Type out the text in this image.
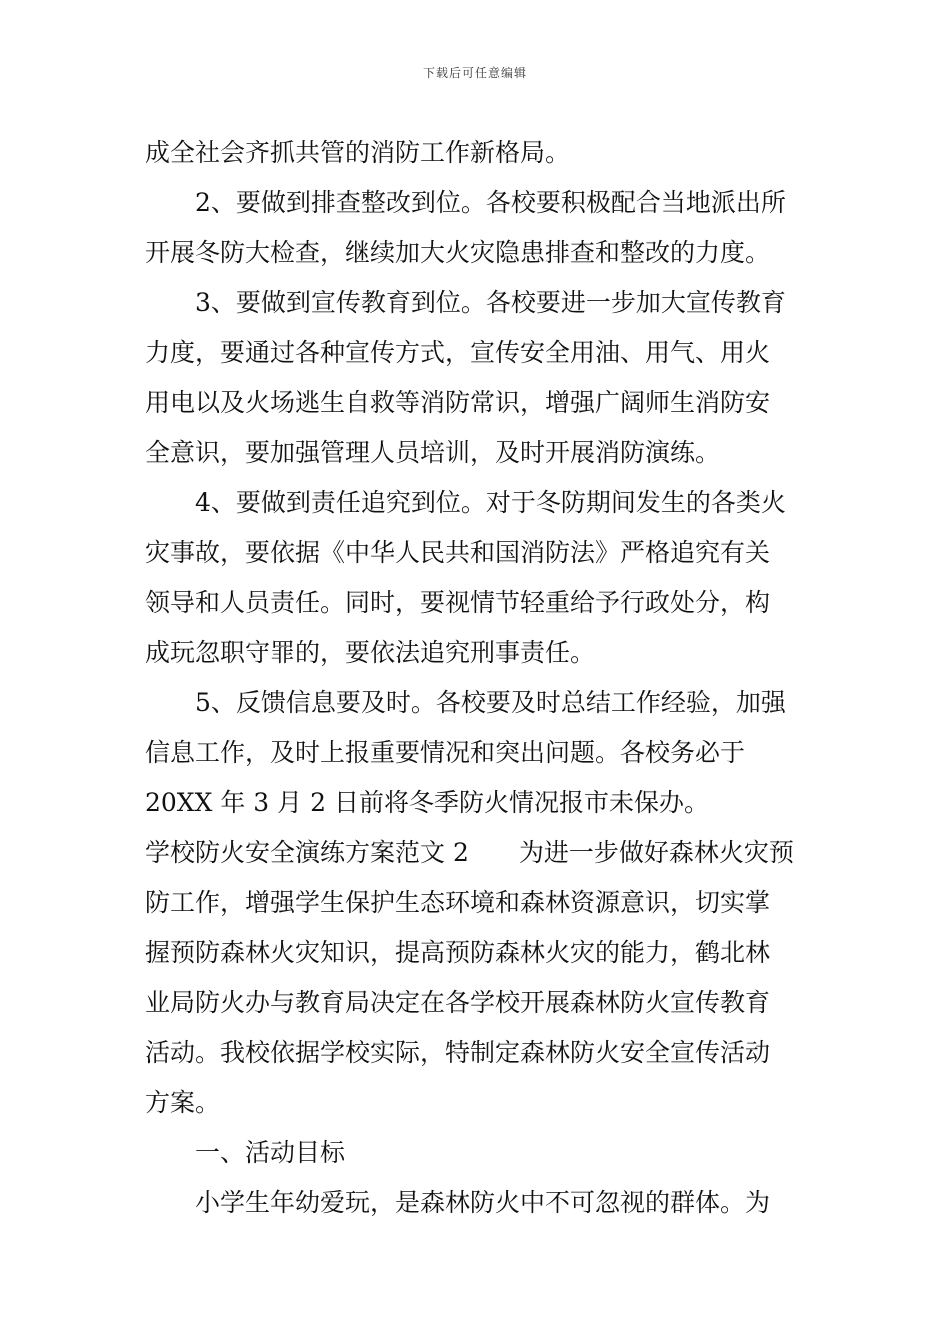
下载后可任意编辑
成全社会齐抓共管的消防工作新格局。
2、要做到排查整改到位。各校要积极配合当地派出所
开展冬防大检查，继续加大火灾隐患排查和整改的力度。
3、要做到宣传教育到位。各校要进一步加大宣传教育
力度，要通过各种宣传方式，宣传安全用油、用气、用火
用电以及火场逃生自救等消防常识，增强广阔师生消防安
全意识，要加强管理人员培训，及时开展消防演练。
4、要做到责任追究到位。对于冬防期间发生的各类火
灾事故，要依据《中华人民共和国消防法》严格追究有关
领导和人员责任。同时，要视情节轻重给予行政处分，构
成玩忽职守罪的，要依法追究刑事责任。
5、反馈信息要及时。各校要及时总结工作经验，加强
信息工作，及时上报重要情况和突出问题。各校务必于
20XX 年 3 月 2 日前将冬季防火情况报市未保办。
学校防火安全演练方案范文 2　　为进一步做好森林火灾预
防工作，增强学生保护生态环境和森林资源意识，切实掌
握预防森林火灾知识，提高预防森林火灾的能力，鹤北林
业局防火办与教育局决定在各学校开展森林防火宣传教育
活动。我校依据学校实际，特制定森林防火安全宣传活动
方案。
一、活动目标
小学生年幼爱玩，是森林防火中不可忽视的群体。为
